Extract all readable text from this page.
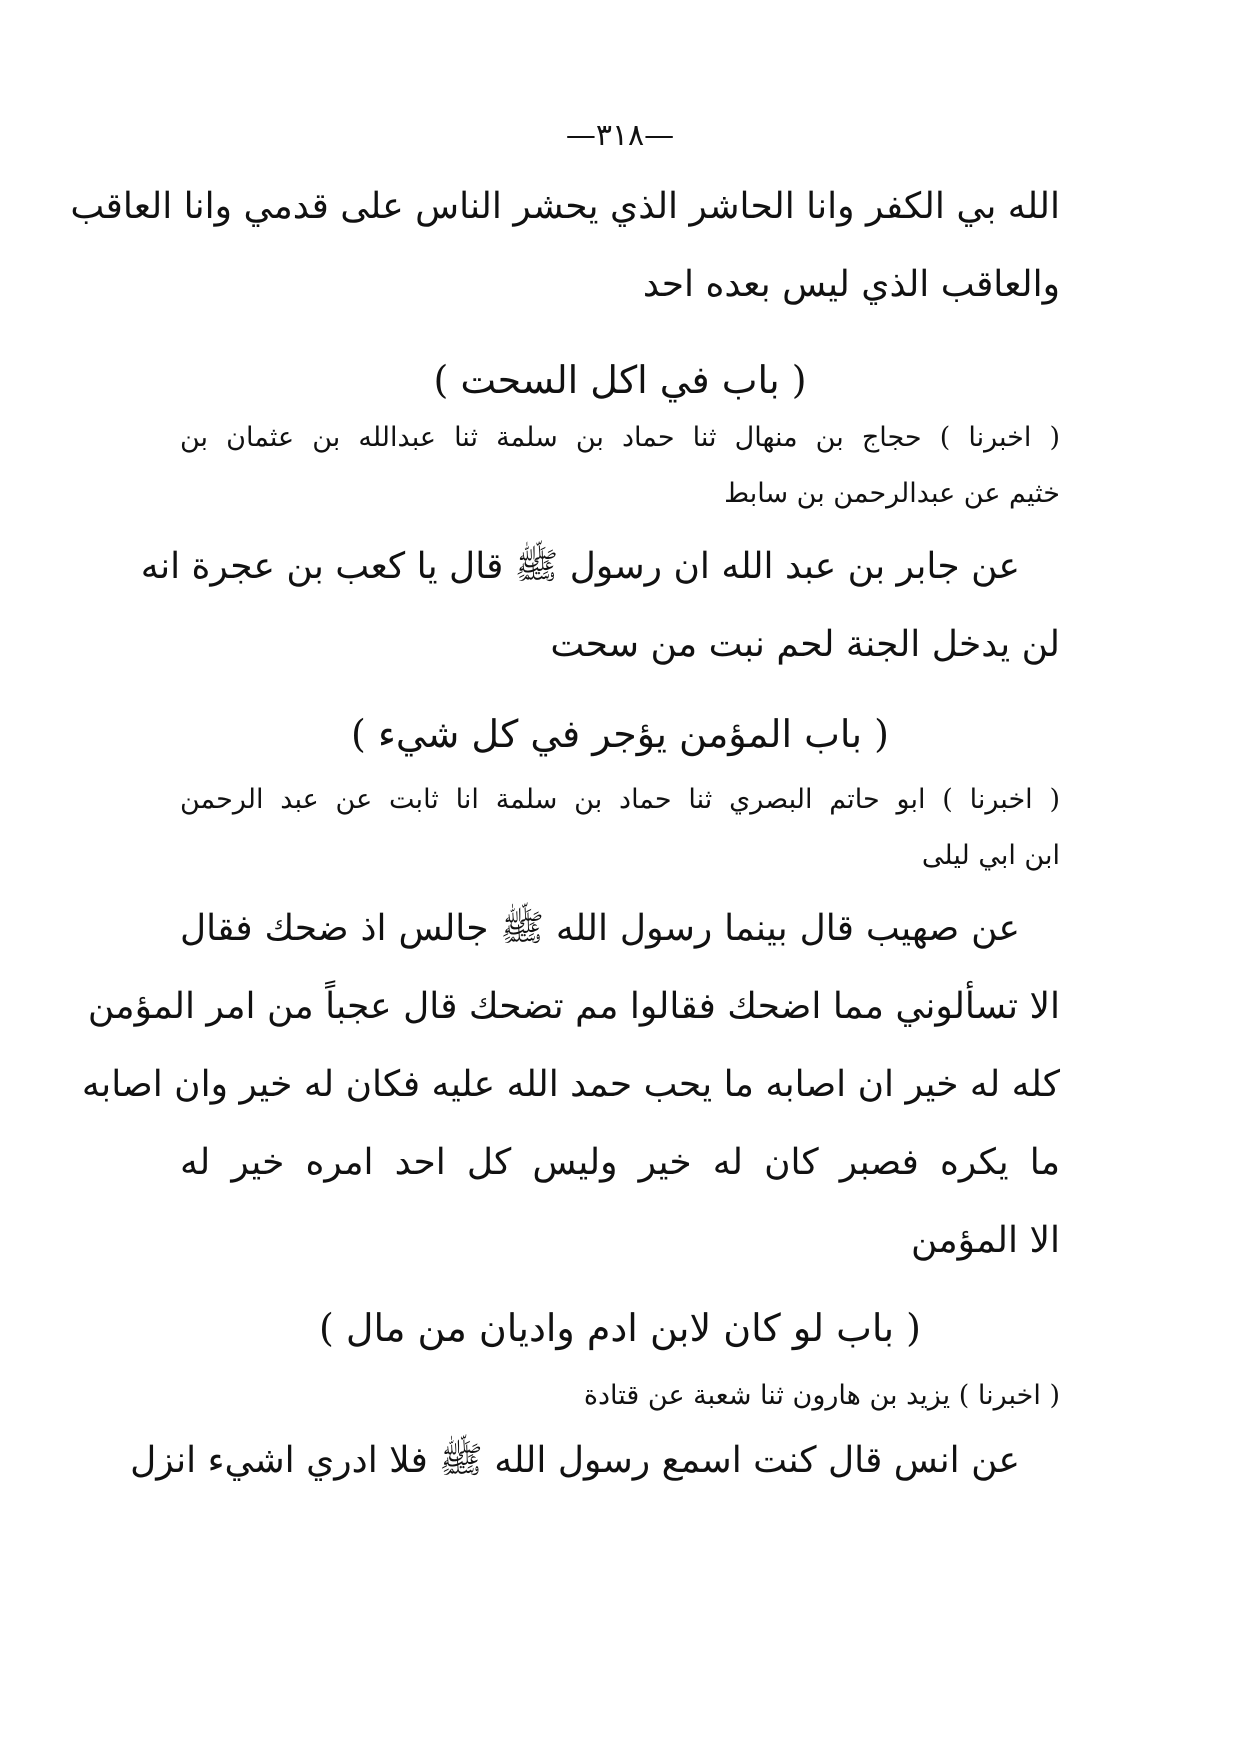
—٣١٨—
الله بي الكفر وانا الحاشر الذي يحشر الناس على قدمي وانا العاقب
والعاقب الذي ليس بعده احد
( باب في اكل السحت )
( اخبرنا ) حجاج بن منهال ثنا حماد بن سلمة ثنا عبدالله بن عثمان بن
خثيم عن عبدالرحمن بن سابط
عن جابر بن عبد الله ان رسول ﷺ قال يا كعب بن عجرة انه
لن يدخل الجنة لحم نبت من سحت
( باب المؤمن يؤجر في كل شيء )
( اخبرنا ) ابو حاتم البصري ثنا حماد بن سلمة انا ثابت عن عبد الرحمن
ابن ابي ليلى
عن صهيب قال بينما رسول الله ﷺ جالس اذ ضحك فقال
الا تسألوني مما اضحك فقالوا مم تضحك قال عجباً من امر المؤمن
كله له خير ان اصابه ما يحب حمد الله عليه فكان له خير وان اصابه
ما يكره فصبر كان له خير وليس كل احد امره خير له
الا المؤمن
( باب لو كان لابن ادم واديان من مال )
( اخبرنا ) يزيد بن هارون ثنا شعبة عن قتادة
عن انس قال كنت اسمع رسول الله ﷺ فلا ادري اشيء انزل
